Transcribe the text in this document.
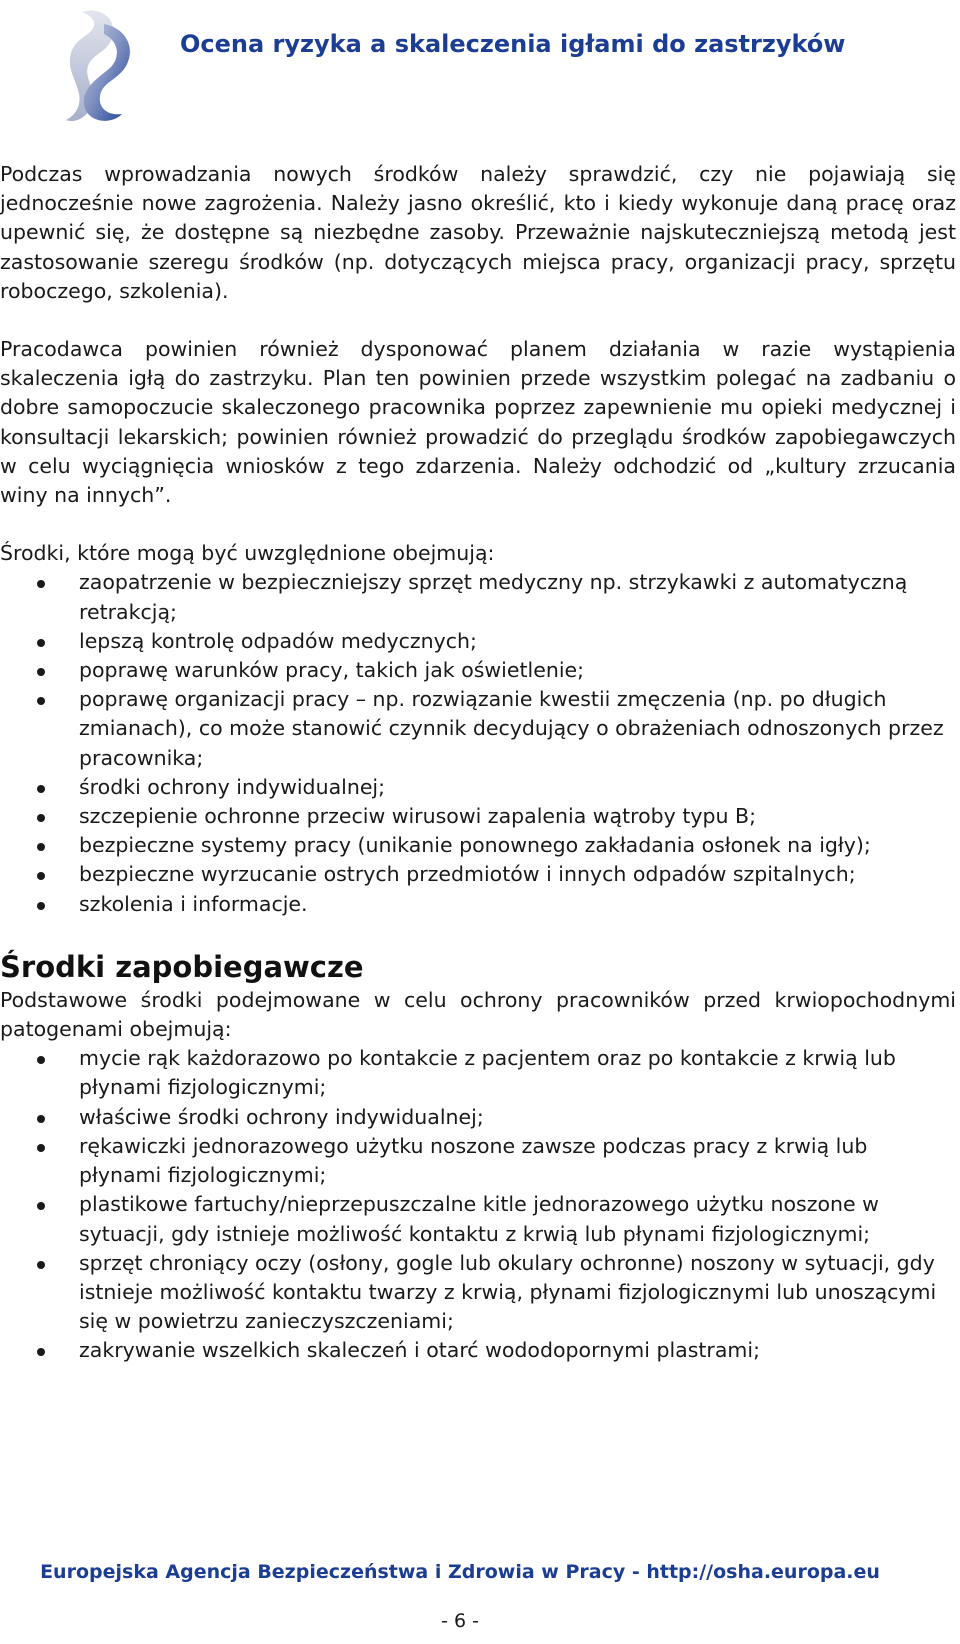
Ocena ryzyka a skaleczenia igłami do zastrzyków

Podczas wprowadzania nowych środków należy sprawdzić, czy nie pojawiają się jednocześnie nowe zagrożenia. Należy jasno określić, kto i kiedy wykonuje daną pracę oraz upewnić się, że dostępne są niezbędne zasoby. Przeważnie najskuteczniejszą metodą jest zastosowanie szeregu środków (np. dotyczących miejsca pracy, organizacji pracy, sprzętu roboczego, szkolenia).

Pracodawca powinien również dysponować planem działania w razie wystąpienia skaleczenia igłą do zastrzyku. Plan ten powinien przede wszystkim polegać na zadbaniu o dobre samopoczucie skaleczonego pracownika poprzez zapewnienie mu opieki medycznej i konsultacji lekarskich; powinien również prowadzić do przeglądu środków zapobiegawczych w celu wyciągnięcia wniosków z tego zdarzenia. Należy odchodzić od „kultury zrzucania winy na innych”.

Środki, które mogą być uwzględnione obejmują:

zaopatrzenie w bezpieczniejszy sprzęt medyczny np. strzykawki z automatyczną retrakcją;
lepszą kontrolę odpadów medycznych;
poprawę warunków pracy, takich jak oświetlenie;
poprawę organizacji pracy – np. rozwiązanie kwestii zmęczenia (np. po długich zmianach), co może stanowić czynnik decydujący o obrażeniach odnoszonych przez pracownika;
środki ochrony indywidualnej;
szczepienie ochronne przeciw wirusowi zapalenia wątroby typu B;
bezpieczne systemy pracy (unikanie ponownego zakładania osłonek na igły);
bezpieczne wyrzucanie ostrych przedmiotów i innych odpadów szpitalnych;
szkolenia i informacje.
Środki zapobiegawcze

Podstawowe środki podejmowane w celu ochrony pracowników przed krwiopochodnymi patogenami obejmują:

mycie rąk każdorazowo po kontakcie z pacjentem oraz po kontakcie z krwią lub płynami fizjologicznymi;
właściwe środki ochrony indywidualnej;
rękawiczki jednorazowego użytku noszone zawsze podczas pracy z krwią lub płynami fizjologicznymi;
plastikowe fartuchy/nieprzepuszczalne kitle jednorazowego użytku noszone w sytuacji, gdy istnieje możliwość kontaktu z krwią lub płynami fizjologicznymi;
sprzęt chroniący oczy (osłony, gogle lub okulary ochronne) noszony w sytuacji, gdy istnieje możliwość kontaktu twarzy z krwią, płynami fizjologicznymi lub unoszącymi się w powietrzu zanieczyszczeniami;
zakrywanie wszelkich skaleczeń i otarć wododopornymi plastrami;
Europejska Agencja Bezpieczeństwa i Zdrowia w Pracy - http://osha.europa.eu
- 6 -
